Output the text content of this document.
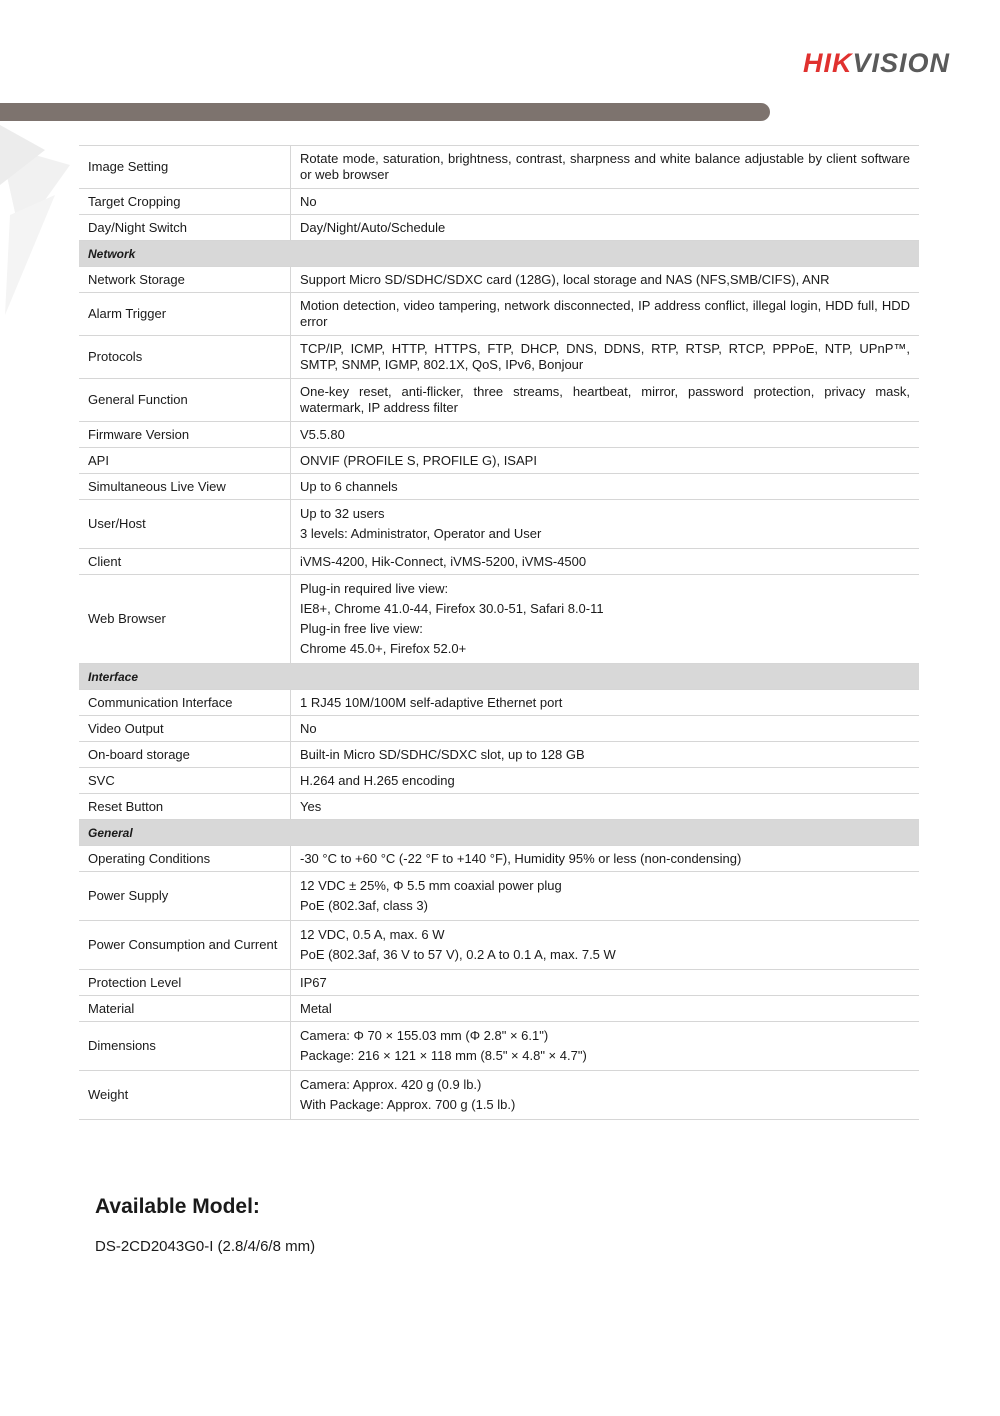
HIKVISION
Image Setting	Rotate mode, saturation, brightness, contrast, sharpness and white balance adjustable by client software or web browser
Target Cropping	No
Day/Night Switch	Day/Night/Auto/Schedule
Network	
Network Storage	Support Micro SD/SDHC/SDXC card (128G), local storage and NAS (NFS,SMB/CIFS), ANR
Alarm Trigger	Motion detection, video tampering, network disconnected, IP address conflict, illegal login, HDD full, HDD error
Protocols	TCP/IP, ICMP, HTTP, HTTPS, FTP, DHCP, DNS, DDNS, RTP, RTSP, RTCP, PPPoE, NTP, UPnP™, SMTP, SNMP, IGMP, 802.1X, QoS, IPv6, Bonjour
General Function	One-key reset, anti-flicker, three streams, heartbeat, mirror, password protection, privacy mask, watermark, IP address filter
Firmware Version	V5.5.80
API	ONVIF (PROFILE S, PROFILE G), ISAPI
Simultaneous Live View	Up to 6 channels
User/Host	Up to 32 users
3 levels: Administrator, Operator and User

Client	iVMS-4200, Hik-Connect, iVMS-5200, iVMS-4500
Web Browser	Plug-in required live view:
IE8+, Chrome 41.0-44, Firefox 30.0-51, Safari 8.0-11
Plug-in free live view:
Chrome 45.0+, Firefox 52.0+

Interface	
Communication Interface	1 RJ45 10M/100M self-adaptive Ethernet port
Video Output	No
On-board storage	Built-in Micro SD/SDHC/SDXC slot, up to 128 GB
SVC	H.264 and H.265 encoding
Reset Button	Yes
General	
Operating Conditions	-30 °C to +60 °C (-22 °F to +140 °F), Humidity 95% or less (non-condensing)
Power Supply	12 VDC ± 25%, Φ 5.5 mm coaxial power plug
PoE (802.3af, class 3)

Power Consumption and Current	12 VDC, 0.5 A, max. 6 W
PoE (802.3af, 36 V to 57 V), 0.2 A to 0.1 A, max. 7.5 W

Protection Level	IP67
Material	Metal
Dimensions	Camera: Φ 70 × 155.03 mm (Φ 2.8" × 6.1")
Package: 216 × 121 × 118 mm (8.5" × 4.8" × 4.7")

Weight	Camera: Approx. 420 g (0.9 lb.)
With Package: Approx. 700 g (1.5 lb.)
Available Model:
DS-2CD2043G0-I (2.8/4/6/8 mm)
